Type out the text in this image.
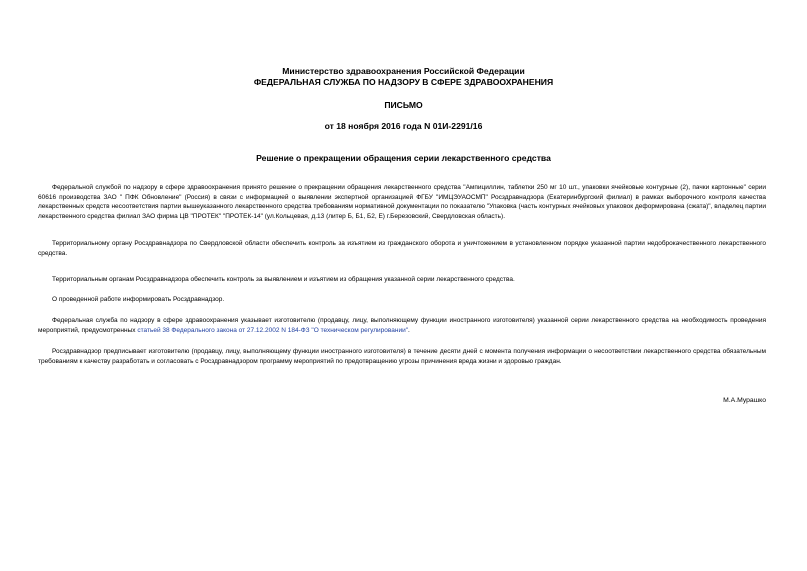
Министерство здравоохранения Российской Федерации
ФЕДЕРАЛЬНАЯ СЛУЖБА ПО НАДЗОРУ В СФЕРЕ ЗДРАВООХРАНЕНИЯ
ПИСЬМО
от 18 ноября 2016 года N 01И-2291/16
Решение о прекращении обращения серии лекарственного средства

Федеральной службой по надзору в сфере здравоохранения принято решение о прекращении обращения лекарственного средства "Ампициллин, таблетки 250 мг 10 шт., упаковки ячейковые контурные (2), пачки картонные" серии 60616 производства ЗАО " ПФК Обновление" (Россия) в связи с информацией о выявлении экспертной организацией ФГБУ "ИМЦЭУАОСМП" Росздравнадзора (Екатеринбургский филиал) в рамках выборочного контроля качества лекарственных средств несоответствия партии вышеуказанного лекарственного средства требованиям нормативной документации по показателю "Упаковка (часть контурных ячейковых упаковок деформирована (сжата)", владелец партии лекарственного средства филиал ЗАО фирма ЦВ "ПРОТЕК" "ПРОТЕК-14" (ул.Кольцевая, д.13 (литер Б, Б1, Б2, Е) г.Березовский, Свердловская область).

Территориальному органу Росздравнадзора по Свердловской области обеспечить контроль за изъятием из гражданского оборота и уничтожением в установленном порядке указанной партии недоброкачественного лекарственного средства.

Территориальным органам Росздравнадзора обеспечить контроль за выявлением и изъятием из обращения указанной серии лекарственного средства.

О проведенной работе информировать Росздравнадзор.

Федеральная служба по надзору в сфере здравоохранения указывает изготовителю (продавцу, лицу, выполняющему функции иностранного изготовителя) указанной серии лекарственного средства на необходимость проведения мероприятий, предусмотренных статьей 38 Федерального закона от 27.12.2002 N 184-ФЗ "О техническом регулировании".

Росздравнадзор предписывает изготовителю (продавцу, лицу, выполняющему функции иностранного изготовителя) в течение десяти дней с момента получения информации о несоответствии лекарственного средства обязательным требованиям к качеству разработать и согласовать с Росздравнадзором программу мероприятий по предотвращению угрозы причинения вреда жизни и здоровью граждан.

М.А.Мурашко
